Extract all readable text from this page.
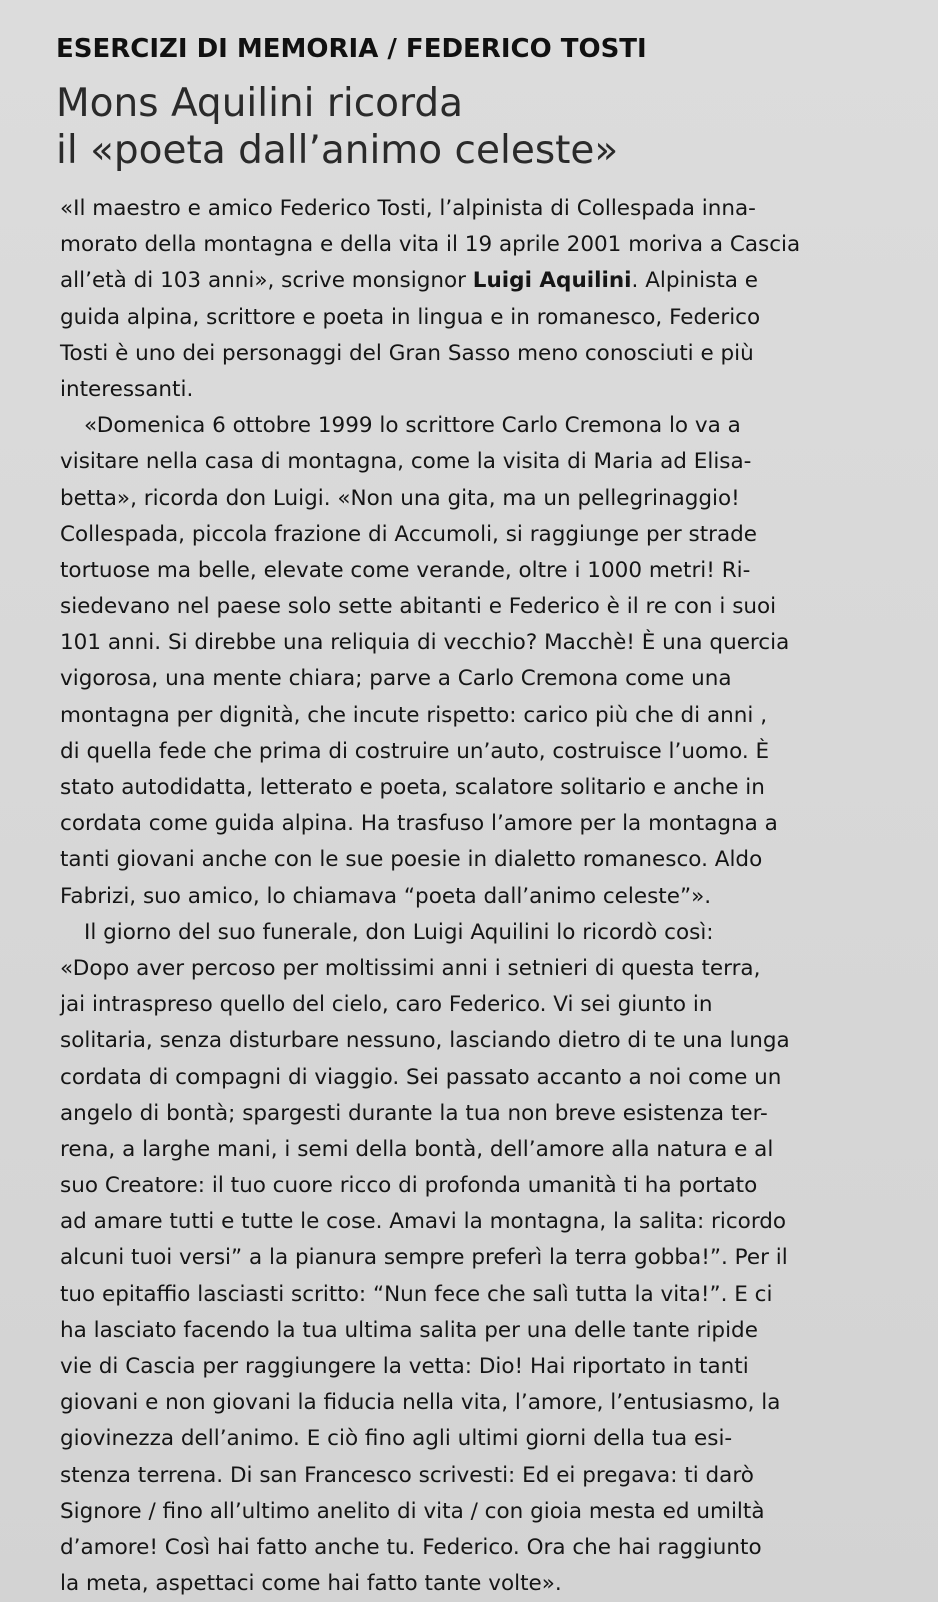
ESERCIZI DI MEMORIA / FEDERICO TOSTI
Mons Aquilini ricorda
il «poeta dall’animo celeste»
«Il maestro e amico Federico Tosti, l’alpinista di Collespada inna-
morato della montagna e della vita il 19 aprile 2001 moriva a Cascia
all’età di 103 anni», scrive monsignor Luigi Aquilini. Alpinista e
guida alpina, scrittore e poeta in lingua e in romanesco, Federico
Tosti è uno dei personaggi del Gran Sasso meno conosciuti e più
interessanti.
«Domenica 6 ottobre 1999 lo scrittore Carlo Cremona lo va a
visitare nella casa di montagna, come la visita di Maria ad Elisa-
betta», ricorda don Luigi. «Non una gita, ma un pellegrinaggio!
Collespada, piccola frazione di Accumoli, si raggiunge per strade
tortuose ma belle, elevate come verande, oltre i 1000 metri! Ri-
siedevano nel paese solo sette abitanti e Federico è il re con i suoi
101 anni. Si direbbe una reliquia di vecchio? Macchè! È una quercia
vigorosa, una mente chiara; parve a Carlo Cremona come una
montagna per dignità, che incute rispetto: carico più che di anni ,
di quella fede che prima di costruire un’auto, costruisce l’uomo. È
stato autodidatta, letterato e poeta, scalatore solitario e anche in
cordata come guida alpina. Ha trasfuso l’amore per la montagna a
tanti giovani anche con le sue poesie in dialetto romanesco. Aldo
Fabrizi, suo amico, lo chiamava “poeta dall’animo celeste”».
Il giorno del suo funerale, don Luigi Aquilini lo ricordò così:
«Dopo aver percoso per moltissimi anni i setnieri di questa terra,
jai intraspreso quello del cielo, caro Federico. Vi sei giunto in
solitaria, senza disturbare nessuno, lasciando dietro di te una lunga
cordata di compagni di viaggio. Sei passato accanto a noi come un
angelo di bontà; spargesti durante la tua non breve esistenza ter-
rena, a larghe mani, i semi della bontà, dell’amore alla natura e al
suo Creatore: il tuo cuore ricco di profonda umanità ti ha portato
ad amare tutti e tutte le cose. Amavi la montagna, la salita: ricordo
alcuni tuoi versi” a la pianura sempre preferì la terra gobba!”. Per il
tuo epitaffio lasciasti scritto: “Nun fece che salì tutta la vita!”. E ci
ha lasciato facendo la tua ultima salita per una delle tante ripide
vie di Cascia per raggiungere la vetta: Dio! Hai riportato in tanti
giovani e non giovani la fiducia nella vita, l’amore, l’entusiasmo, la
giovinezza dell’animo. E ciò fino agli ultimi giorni della tua esi-
stenza terrena. Di san Francesco scrivesti: Ed ei pregava: ti darò
Signore / fino all’ultimo anelito di vita / con gioia mesta ed umiltà
d’amore! Così hai fatto anche tu. Federico. Ora che hai raggiunto
la meta, aspettaci come hai fatto tante volte».
